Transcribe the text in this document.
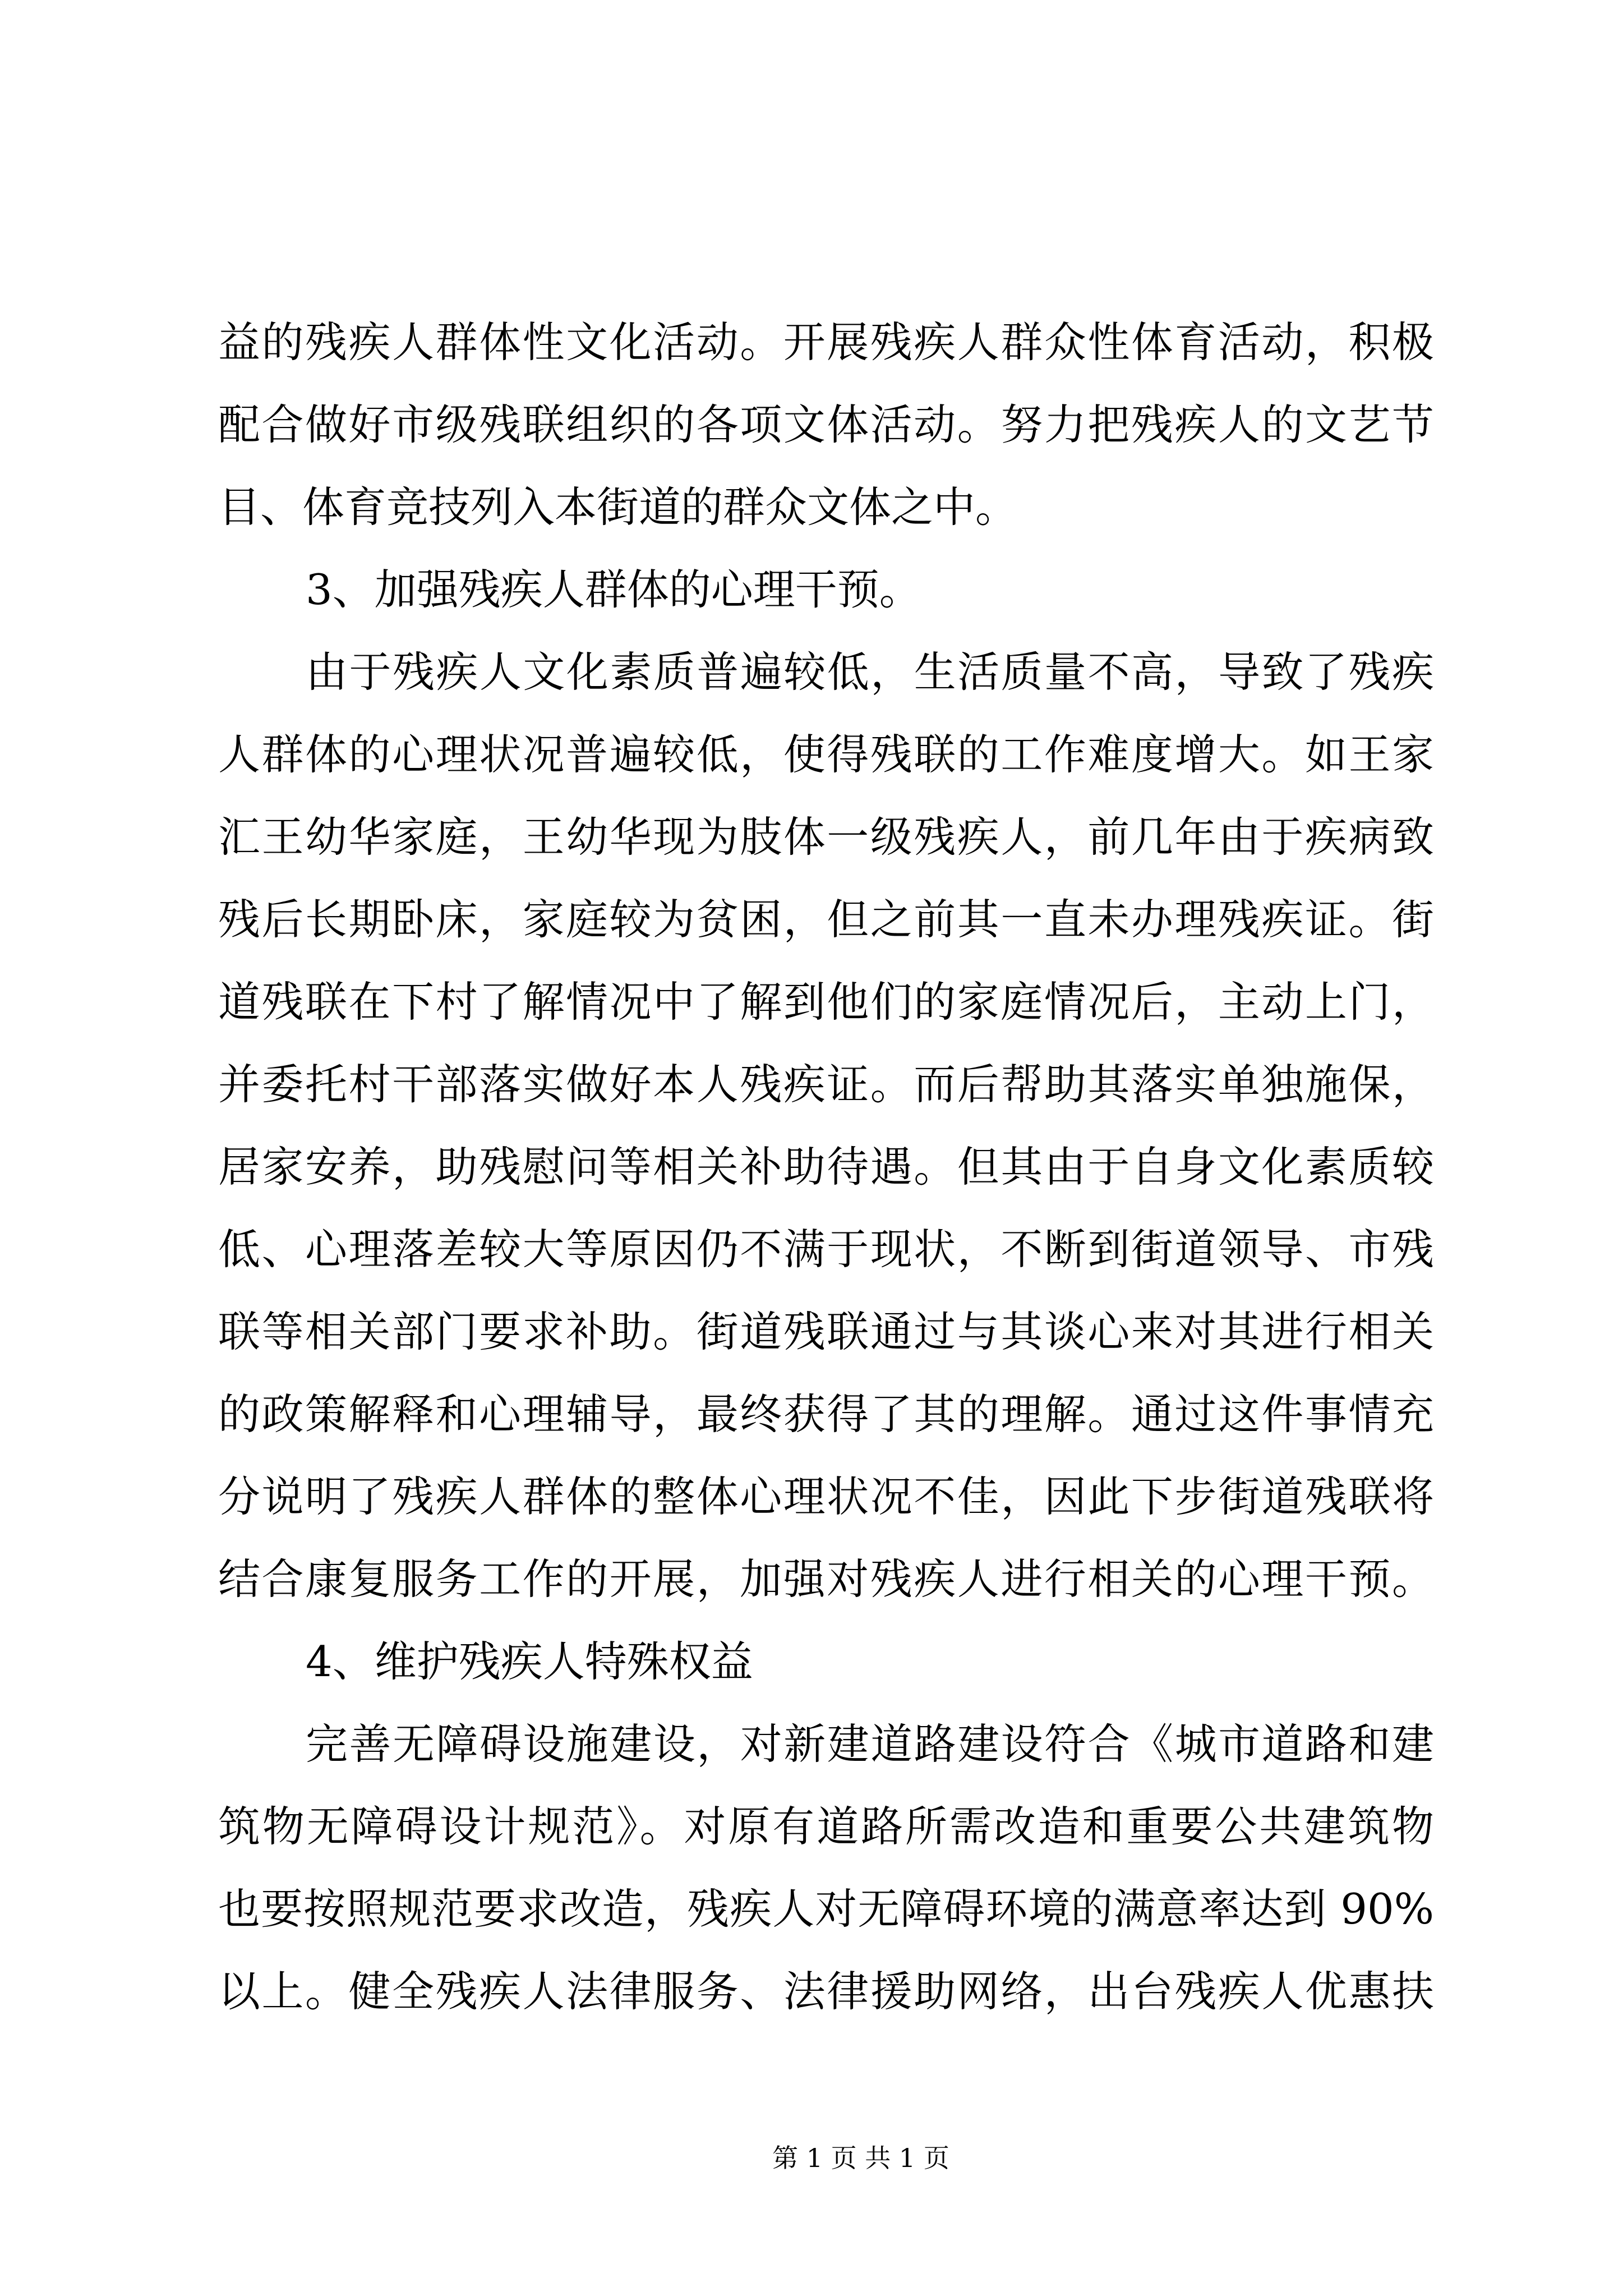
益的残疾人群体性文化活动。开展残疾人群众性体育活动，积极
配合做好市级残联组织的各项文体活动。努力把残疾人的文艺节
目、体育竞技列入本街道的群众文体之中。
3、加强残疾人群体的心理干预。
由于残疾人文化素质普遍较低，生活质量不高，导致了残疾
人群体的心理状况普遍较低，使得残联的工作难度增大。如王家
汇王幼华家庭，王幼华现为肢体一级残疾人，前几年由于疾病致
残后长期卧床，家庭较为贫困，但之前其一直未办理残疾证。街
道残联在下村了解情况中了解到他们的家庭情况后，主动上门，
并委托村干部落实做好本人残疾证。而后帮助其落实单独施保，
居家安养，助残慰问等相关补助待遇。但其由于自身文化素质较
低、心理落差较大等原因仍不满于现状，不断到街道领导、市残
联等相关部门要求补助。街道残联通过与其谈心来对其进行相关
的政策解释和心理辅导，最终获得了其的理解。通过这件事情充
分说明了残疾人群体的整体心理状况不佳，因此下步街道残联将
结合康复服务工作的开展，加强对残疾人进行相关的心理干预。
4、维护残疾人特殊权益
完善无障碍设施建设，对新建道路建设符合《城市道路和建
筑物无障碍设计规范》。对原有道路所需改造和重要公共建筑物
也要按照规范要求改造，残疾人对无障碍环境的满意率达到 90%
以上。健全残疾人法律服务、法律援助网络，出台残疾人优惠扶
第 1 页 共 1 页
